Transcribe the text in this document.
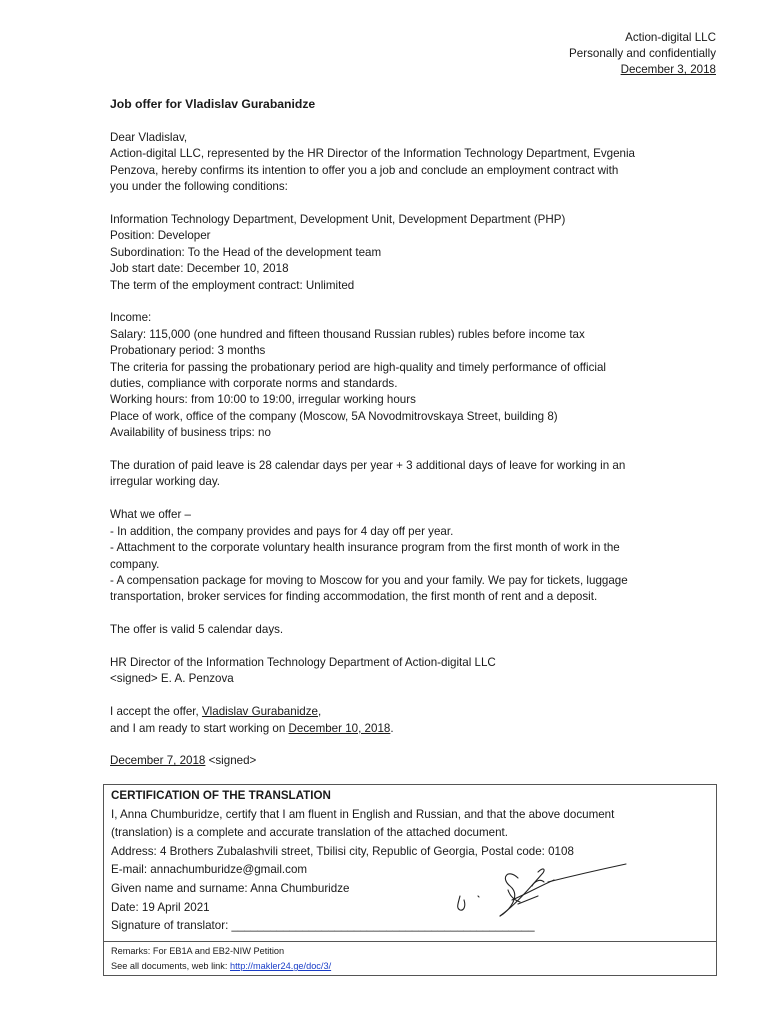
Action-digital LLC
Personally and confidentially
December 3, 2018
Job offer for Vladislav Gurabanidze
Dear Vladislav,
Action-digital LLC, represented by the HR Director of the Information Technology Department, Evgenia
Penzova, hereby confirms its intention to offer you a job and conclude an employment contract with
you under the following conditions:
Information Technology Department, Development Unit, Development Department (PHP)
Position: Developer
Subordination: To the Head of the development team
Job start date: December 10, 2018
The term of the employment contract: Unlimited
Income:
Salary: 115,000 (one hundred and fifteen thousand Russian rubles) rubles before income tax
Probationary period: 3 months
The criteria for passing the probationary period are high-quality and timely performance of official
duties, compliance with corporate norms and standards.
Working hours: from 10:00 to 19:00, irregular working hours
Place of work, office of the company (Moscow, 5A Novodmitrovskaya Street, building 8)
Availability of business trips: no
The duration of paid leave is 28 calendar days per year + 3 additional days of leave for working in an
irregular working day.
What we offer –
- In addition, the company provides and pays for 4 day off per year.
- Attachment to the corporate voluntary health insurance program from the first month of work in the
company.
- A compensation package for moving to Moscow for you and your family. We pay for tickets, luggage
transportation, broker services for finding accommodation, the first month of rent and a deposit.
The offer is valid 5 calendar days.
HR Director of the Information Technology Department of Action-digital LLC
<signed> E. A. Penzova
I accept the offer, Vladislav Gurabanidze,
and I am ready to start working on December 10, 2018.
December 7, 2018 <signed>
CERTIFICATION OF THE TRANSLATION
I, Anna Chumburidze, certify that I am fluent in English and Russian, and that the above document
(translation) is a complete and accurate translation of the attached document.
Address: 4 Brothers Zubalashvili street, Tbilisi city, Republic of Georgia, Postal code: 0108
E-mail: annachumburidze@gmail.com
Given name and surname: Anna Chumburidze
Date: 19 April 2021
Signature of translator: _______________________________________________
Remarks: For EB1A and EB2-NIW Petition
See all documents, web link: http://makler24.ge/doc/3/
